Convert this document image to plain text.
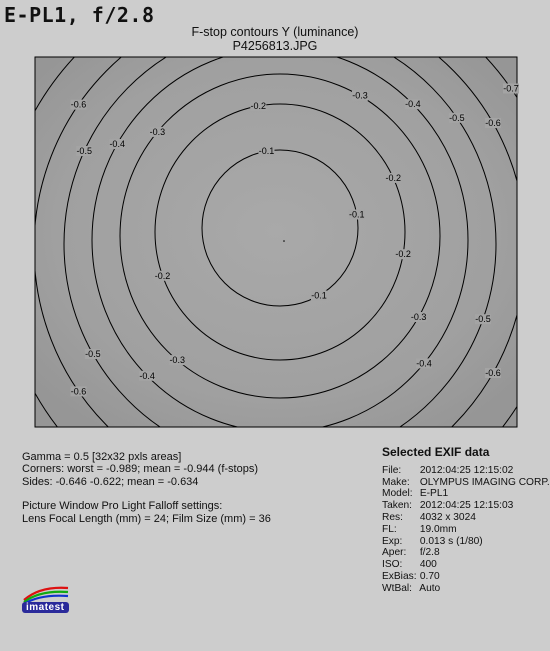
E-PL1, f/2.8
F-stop contours Y (luminance)
P4256813.JPG
-0.1
-0.1
-0.1
-0.2
-0.2
-0.2
-0.2
-0.3
-0.3
-0.3
-0.3
-0.4
-0.4
-0.4
-0.4
-0.5
-0.5
-0.5
-0.5
-0.6
-0.6
-0.6
-0.6
-0.7
Gamma = 0.5 [32x32 pxls areas]
Corners: worst = -0.989; mean = -0.944 (f-stops)
Sides: -0.646 -0.622; mean = -0.634
Picture Window Pro Light Falloff settings:
Lens Focal Length (mm) = 24; Film Size (mm) = 36
Selected EXIF data
File: 2012:04:25 12:15:02
Make: OLYMPUS IMAGING CORP.
Model: E-PL1
Taken: 2012:04:25 12:15:03
Res: 4032 x 3024
FL: 19.0mm
Exp: 0.013 s (1/80)
Aper: f/2.8
ISO: 400
ExBias: 0.70
WtBal: Auto
imatest
